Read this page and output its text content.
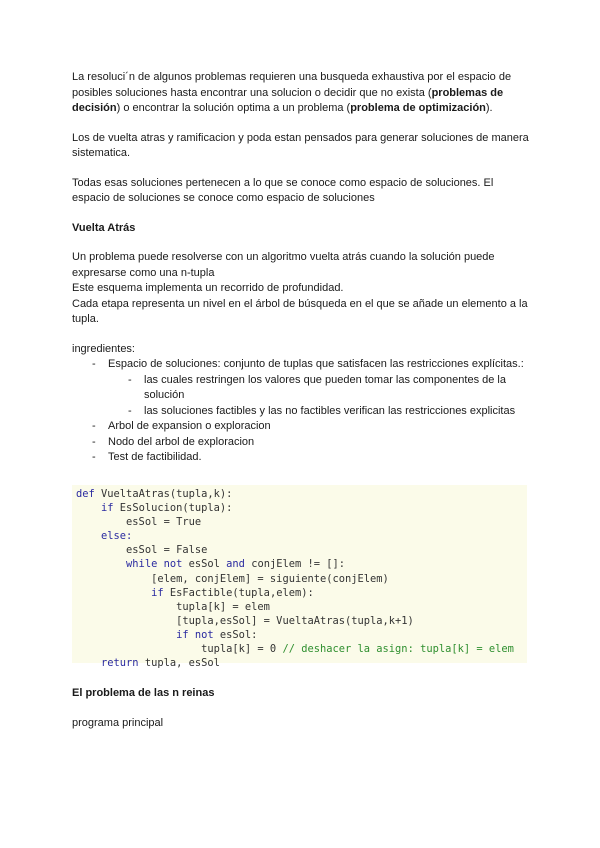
La resoluci´n de algunos problemas requieren una busqueda exhaustiva por el espacio de posibles soluciones hasta encontrar una solucion o decidir que no exista (problemas de decisión) o encontrar la solución optima a un problema (problema de optimización).

Los de vuelta atras y ramificacion y poda estan pensados para generar soluciones de manera sistematica.

Todas esas soluciones pertenecen a lo que se conoce como espacio de soluciones. El espacio de soluciones se conoce como espacio de soluciones

Vuelta Atrás

Un problema puede resolverse con un algoritmo vuelta atrás cuando la solución puede expresarse como una n-tupla

Este esquema implementa un recorrido de profundidad.

Cada etapa representa un nivel en el árbol de búsqueda en el que se añade un elemento a la tupla.

ingredientes:

- Espacio de soluciones: conjunto de tuplas que satisfacen las restricciones explícitas.:
- las cuales restringen los valores que pueden tomar las componentes de la solución
- las soluciones factibles y las no factibles verifican las restricciones explicitas
- Arbol de expansion o exploracion
- Nodo del arbol de exploracion
- Test de factibilidad.
def VueltaAtras(tupla,k):
if EsSolucion(tupla):
esSol = True
else:
esSol = False
while not esSol and conjElem != []:
[elem, conjElem] = siguiente(conjElem)
if EsFactible(tupla,elem):
tupla[k] = elem
[tupla,esSol] = VueltaAtras(tupla,k+1)
if not esSol:
tupla[k] = 0 // deshacer la asign: tupla[k] = elem
return tupla, esSol
El problema de las n reinas

programa principal
